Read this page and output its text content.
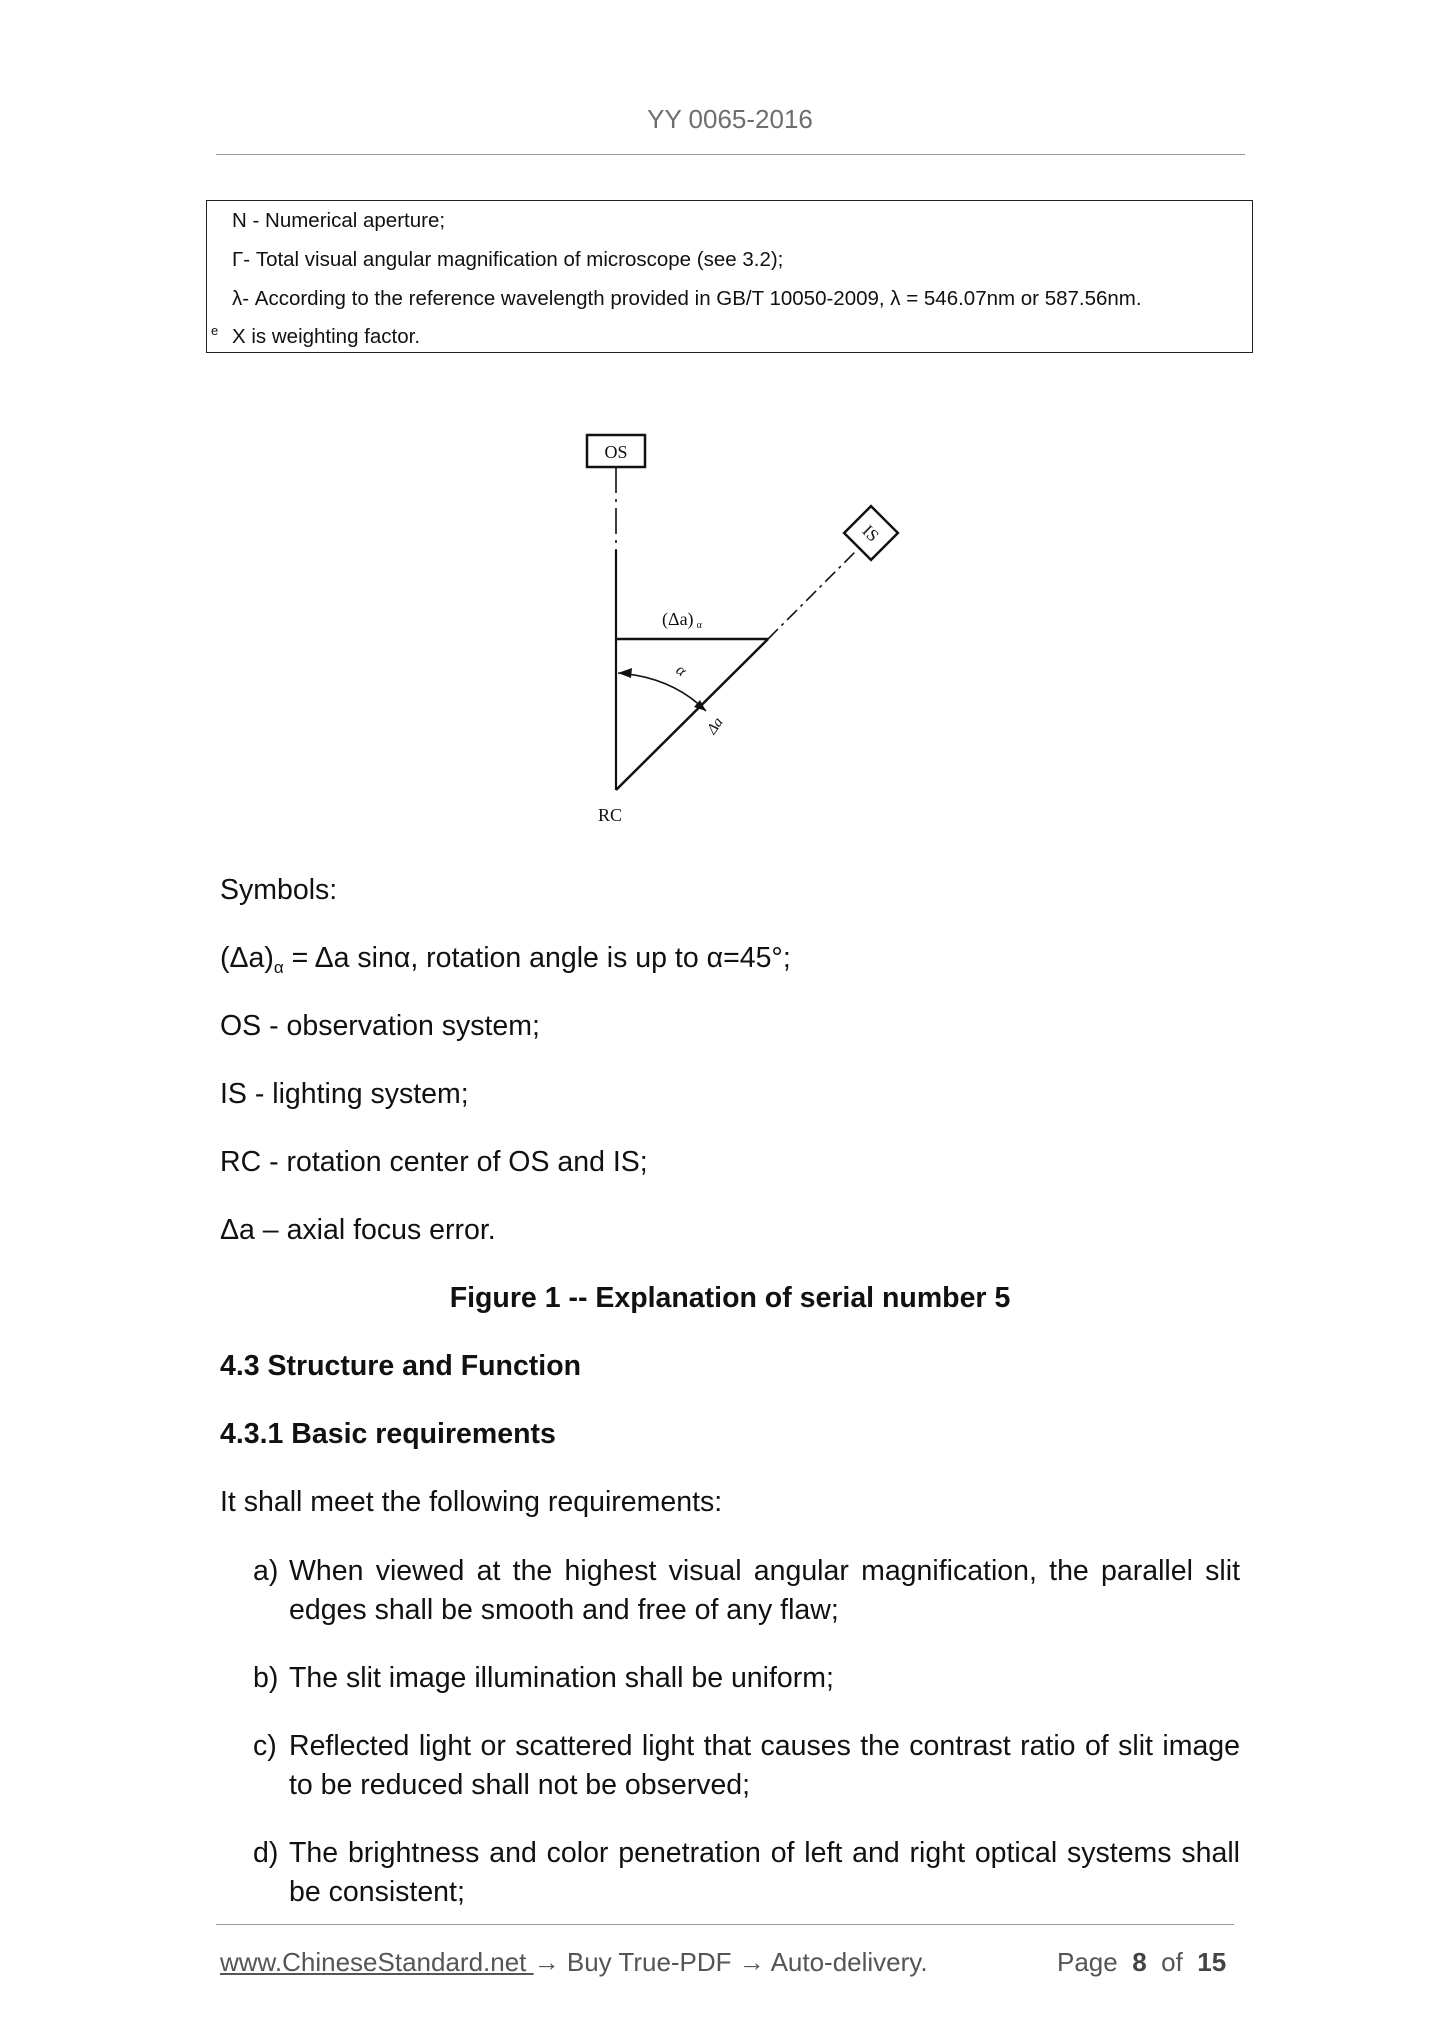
YY 0065-2016
N - Numerical aperture;
Γ- Total visual angular magnification of microscope (see 3.2);
λ- According to the reference wavelength provided in GB/T 10050-2009, λ = 546.07nm or 587.56nm.
e X is weighting factor.
OS
IS
α
Δa
(Δa) α
RC
Symbols:
$(\Delta a)_\alpha = \Delta a$ sinα, rotation angle is up to α=45°;
OS - observation system;
IS - lighting system;
RC - rotation center of OS and IS;
Δa – axial focus error.
Figure 1 -- Explanation of serial number 5
4.3 Structure and Function
4.3.1 Basic requirements
It shall meet the following requirements:
a) When viewed at the highest visual angular magnification, the parallel slit edges shall be smooth and free of any flaw;
b) The slit image illumination shall be uniform;
c) Reflected light or scattered light that causes the contrast ratio of slit image to be reduced shall not be observed;
d) The brightness and color penetration of left and right optical systems shall be consistent;
www.ChineseStandard.net → Buy True-PDF → Auto-delivery.	Page 8 of 15
